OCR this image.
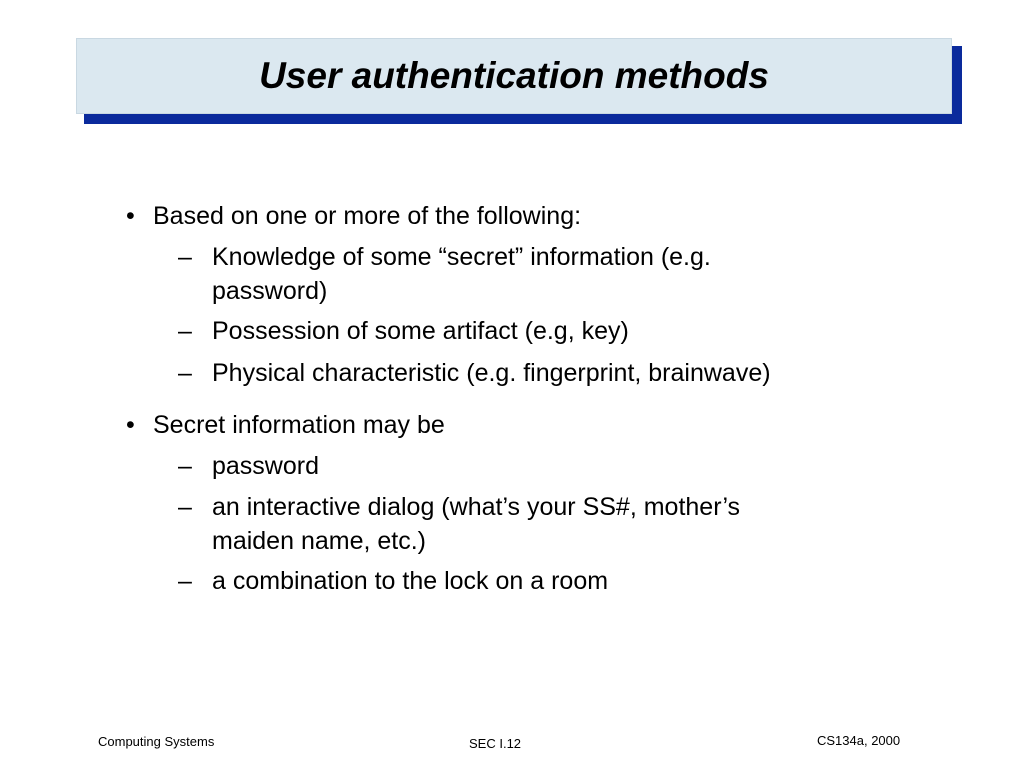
User authentication methods
• Based on one or more of the following:
– Knowledge of some “secret” information (e.g.
password)
– Possession of some artifact (e.g, key)
– Physical characteristic (e.g. fingerprint, brainwave)
• Secret information may be
– password
– an interactive dialog (what’s your SS#, mother’s
maiden name, etc.)
– a combination to the lock on a room
Computing Systems	SEC I.12	CS134a, 2000
